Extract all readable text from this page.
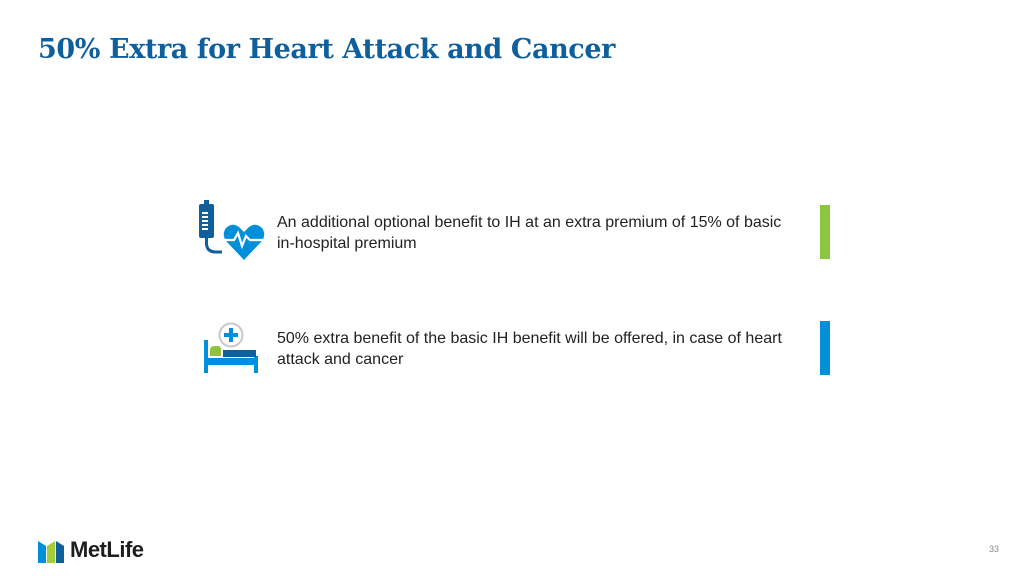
50% Extra for Heart Attack and Cancer
An additional optional benefit to IH at an extra premium of 15% of basic in-hospital premium
50% extra benefit of the basic IH benefit will be offered, in case of heart attack and cancer
MetLife	33
